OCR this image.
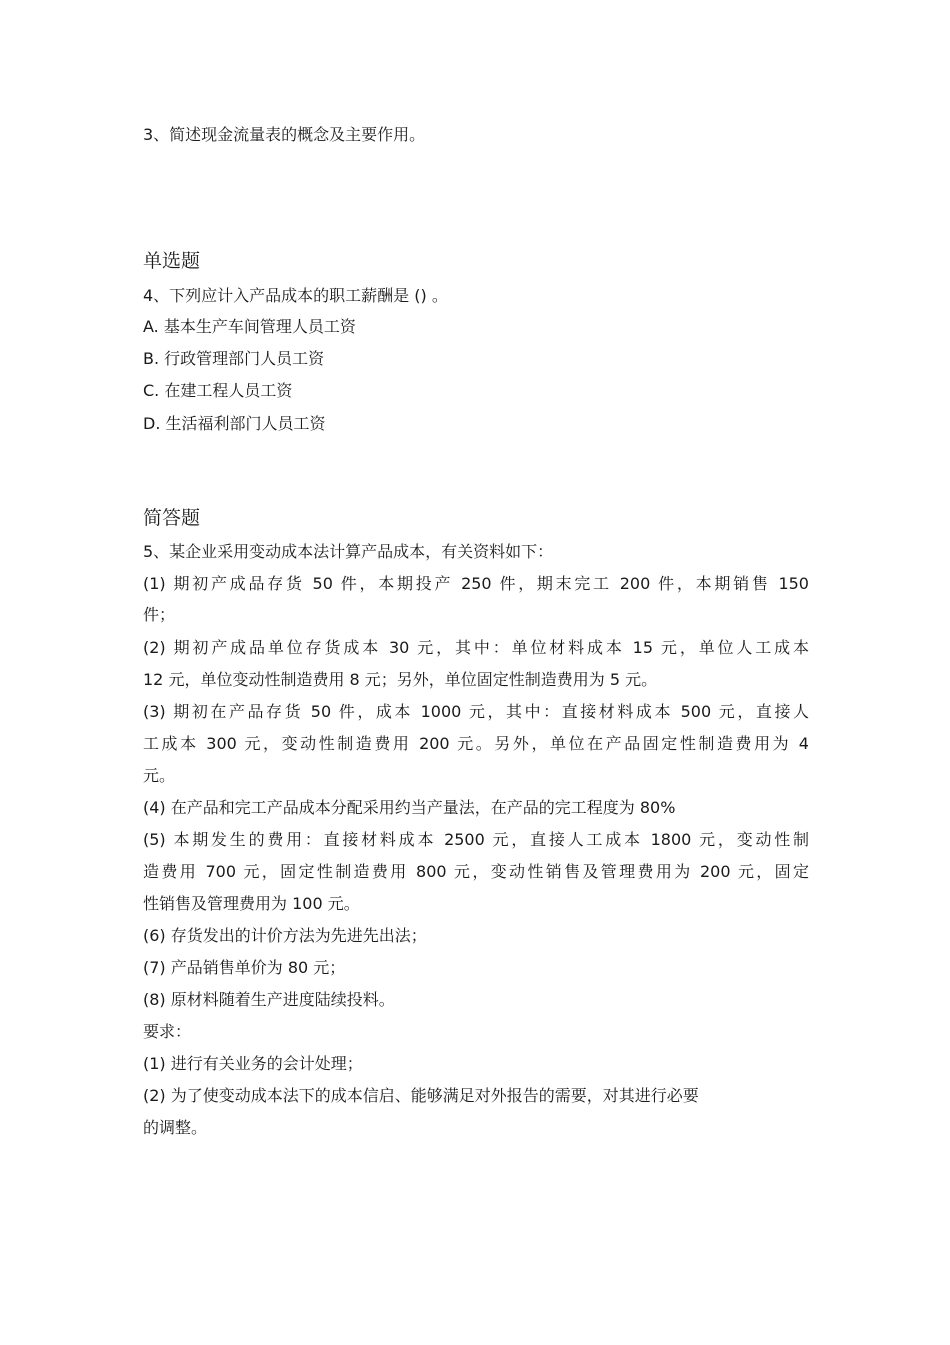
3、简述现金流量表的概念及主要作用。
单选题
4、下列应计入产品成本的职工薪酬是 () 。
A. 基本生产车间管理人员工资
B. 行政管理部门人员工资
C. 在建工程人员工资
D. 生活福利部门人员工资
简答题
5、某企业采用变动成本法计算产品成本，有关资料如下：
(1) 期初产成品存货 50 件，本期投产 250 件，期末完工 200 件，本期销售 150
件；
(2) 期初产成品单位存货成本 30 元，其中：单位材料成本 15 元，单位人工成本
12 元，单位变动性制造费用 8 元；另外，单位固定性制造费用为 5 元。
(3) 期初在产品存货 50 件，成本 1000 元，其中：直接材料成本 500 元，直接人
工成本 300 元，变动性制造费用 200 元。另外，单位在产品固定性制造费用为 4
元。
(4) 在产品和完工产品成本分配采用约当产量法，在产品的完工程度为 80%
(5) 本期发生的费用：直接材料成本 2500 元，直接人工成本 1800 元，变动性制
造费用 700 元，固定性制造费用 800 元，变动性销售及管理费用为 200 元，固定
性销售及管理费用为 100 元。
(6) 存货发出的计价方法为先进先出法；
(7) 产品销售单价为 80 元；
(8) 原材料随着生产进度陆续投料。
要求：
(1) 进行有关业务的会计处理；
(2) 为了使变动成本法下的成本信启、能够满足对外报告的需要，对其进行必要
的调整。
